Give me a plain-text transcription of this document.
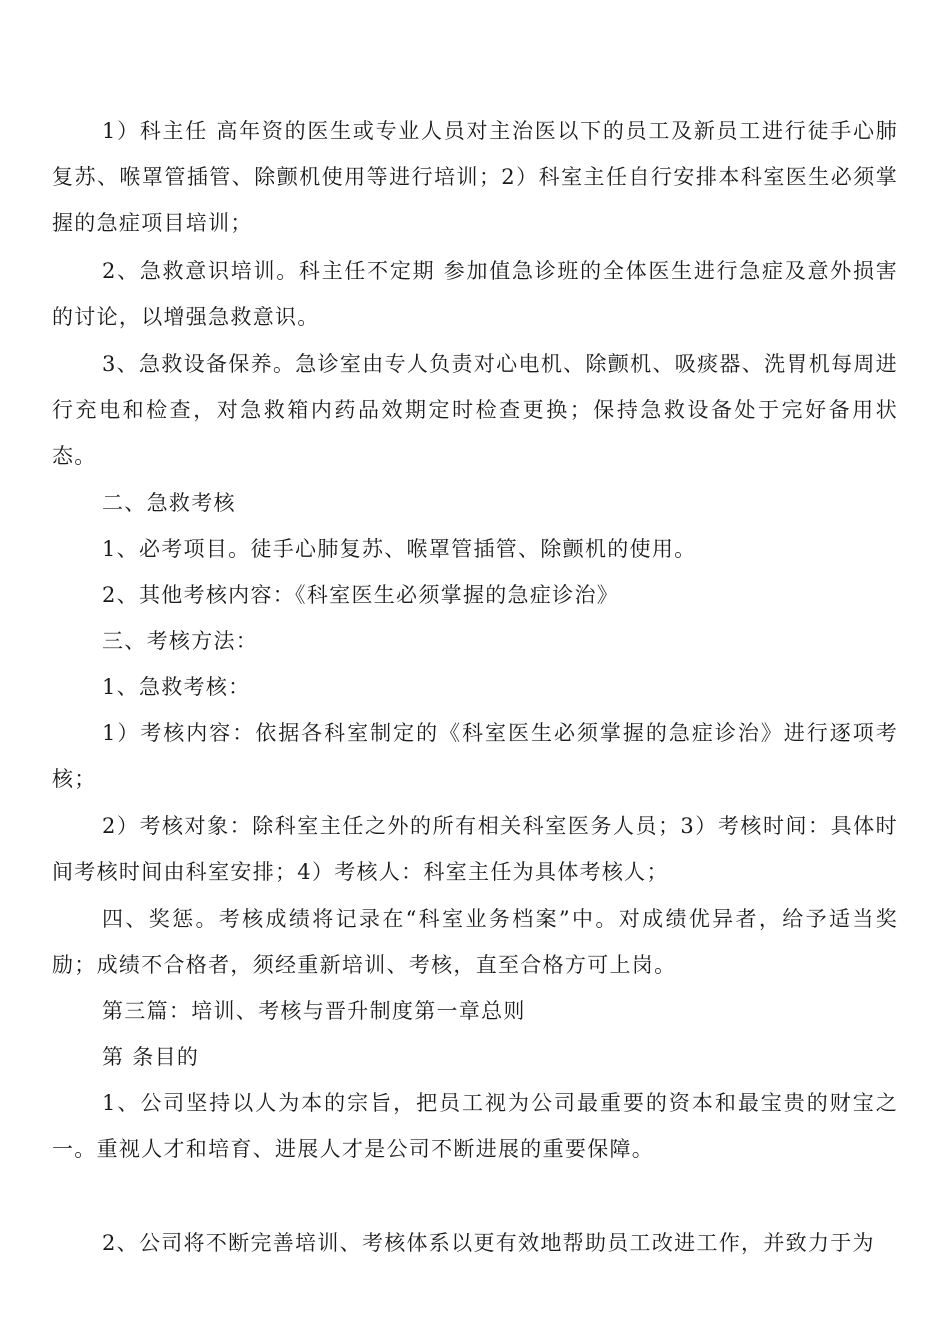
1）科主任 高年资的医生或专业人员对主治医以下的员工及新员工进行徒手心肺复苏、喉罩管插管、除颤机使用等进行培训；2）科室主任自行安排本科室医生必须掌握的急症项目培训；

2、急救意识培训。科主任不定期 参加值急诊班的全体医生进行急症及意外损害的讨论，以增强急救意识。

3、急救设备保养。急诊室由专人负责对心电机、除颤机、吸痰器、洗胃机每周进行充电和检查，对急救箱内药品效期定时检查更换；保持急救设备处于完好备用状态。

二、急救考核

1、必考项目。徒手心肺复苏、喉罩管插管、除颤机的使用。

2、其他考核内容：《科室医生必须掌握的急症诊治》

三、考核方法：

1、急救考核：

1）考核内容：依据各科室制定的《科室医生必须掌握的急症诊治》进行逐项考核；

2）考核对象：除科室主任之外的所有相关科室医务人员；3）考核时间：具体时间考核时间由科室安排；4）考核人：科室主任为具体考核人；

四、奖惩。考核成绩将记录在“科室业务档案”中。对成绩优异者，给予适当奖励；成绩不合格者，须经重新培训、考核，直至合格方可上岗。

第三篇：培训、考核与晋升制度第一章总则

第 条目的

1、公司坚持以人为本的宗旨，把员工视为公司最重要的资本和最宝贵的财宝之一。重视人才和培育、进展人才是公司不断进展的重要保障。

2、公司将不断完善培训、考核体系以更有效地帮助员工改进工作，并致力于为
